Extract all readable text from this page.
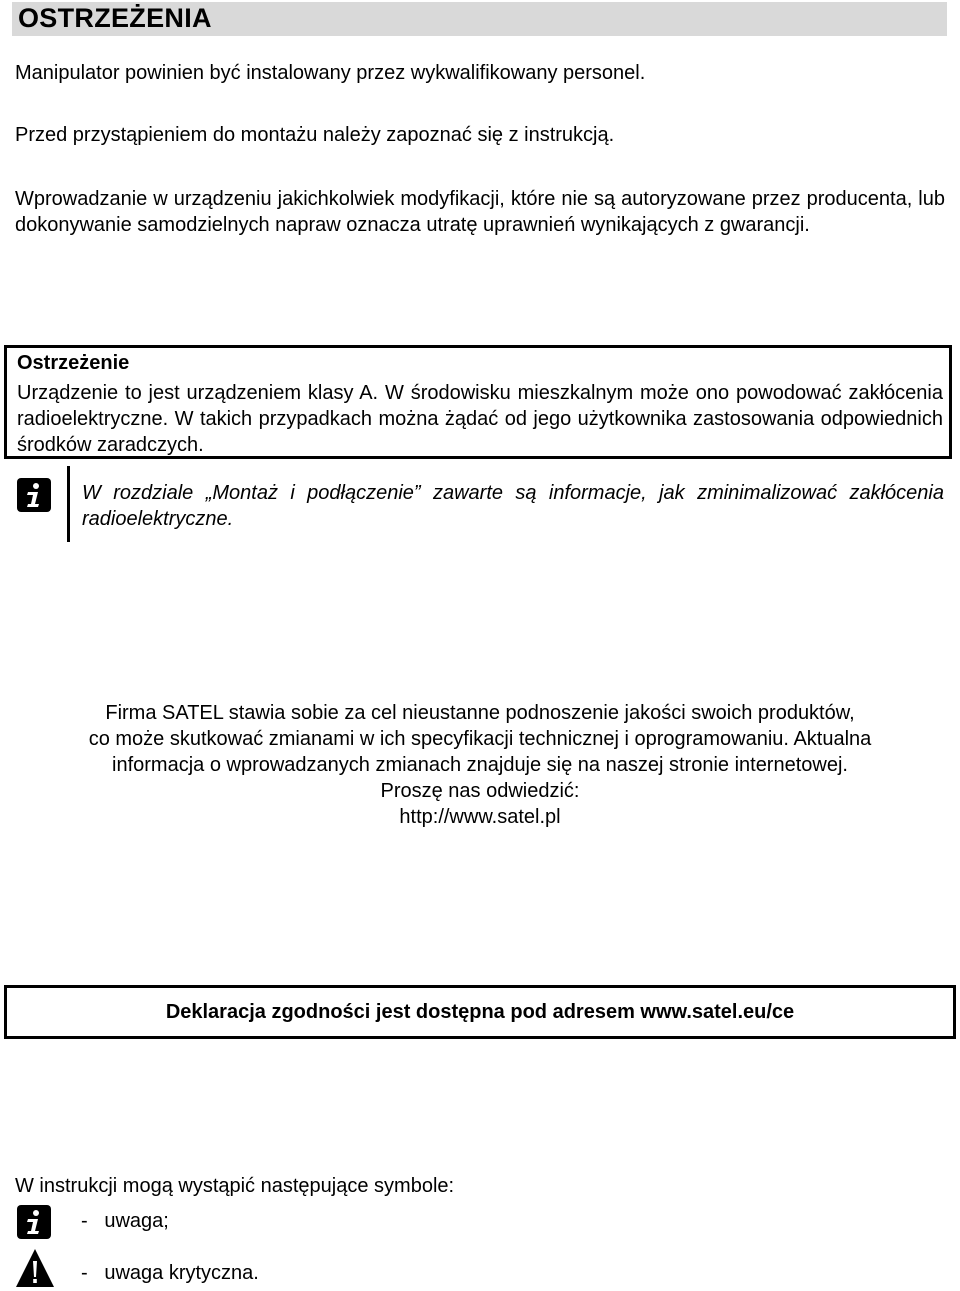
OSTRZEŻENIA

Manipulator powinien być instalowany przez wykwalifikowany personel.

Przed przystąpieniem do montażu należy zapoznać się z instrukcją.

Wprowadzanie w urządzeniu jakichkolwiek modyfikacji, które nie są autoryzowane przez producenta, lub dokonywanie samodzielnych napraw oznacza utratę uprawnień wynikających z gwarancji.

Ostrzeżenie

Urządzenie to jest urządzeniem klasy A. W środowisku mieszkalnym może ono powodować zakłócenia radioelektryczne. W takich przypadkach można żądać od jego użytkownika zastosowania odpowiednich środków zaradczych.

W rozdziale „Montaż i podłączenie” zawarte są informacje, jak zminimalizować zakłócenia radioelektryczne.

Firma SATEL stawia sobie za cel nieustanne podnoszenie jakości swoich produktów,
co może skutkować zmianami w ich specyfikacji technicznej i oprogramowaniu. Aktualna
informacja o wprowadzanych zmianach znajduje się na naszej stronie internetowej.
Proszę nas odwiedzić:
http://www.satel.pl
Deklaracja zgodności jest dostępna pod adresem www.satel.eu/ce
W instrukcji mogą wystąpić następujące symbole:
-   uwaga;
-   uwaga krytyczna.
